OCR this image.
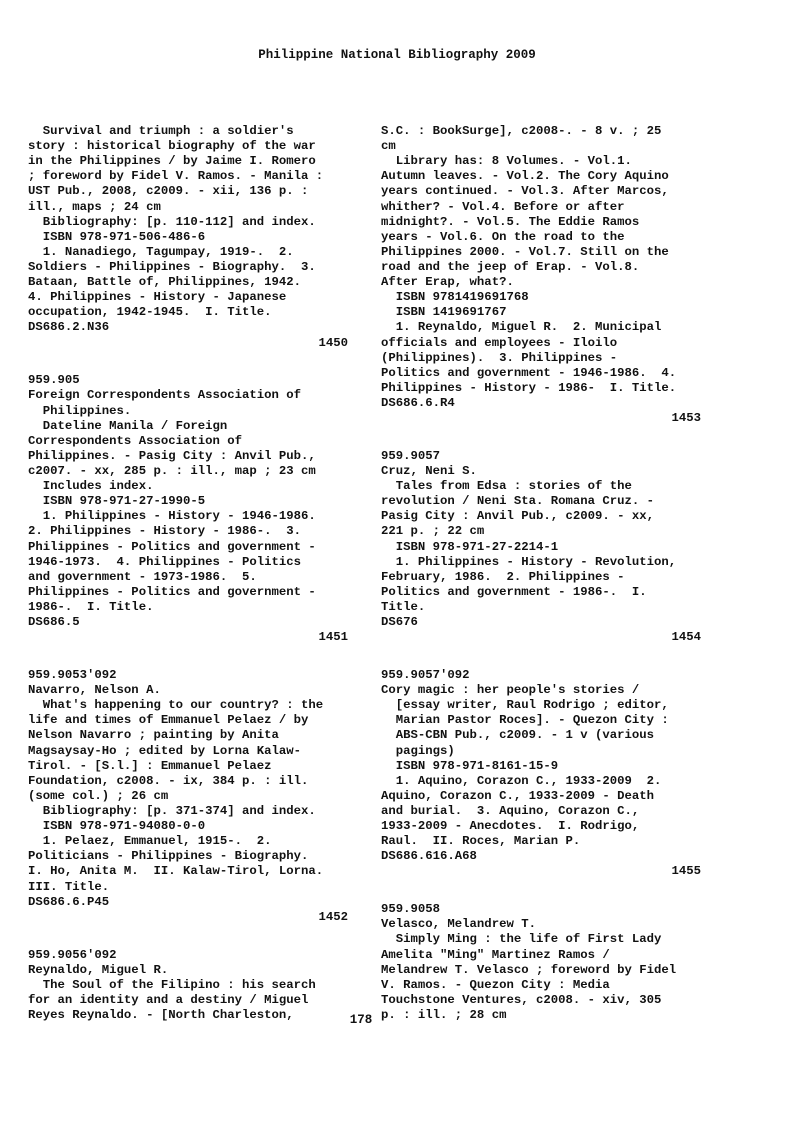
Philippine National Bibliography 2009
Survival and triumph : a soldier's
story : historical biography of the war
in the Philippines / by Jaime I. Romero
; foreword by Fidel V. Ramos. - Manila :
UST Pub., 2008, c2009. - xii, 136 p. :
ill., maps ; 24 cm
Bibliography: [p. 110-112] and index.
ISBN 978-971-506-486-6
1. Nanadiego, Tagumpay, 1919-.  2.
Soldiers - Philippines - Biography.  3.
Bataan, Battle of, Philippines, 1942.
4. Philippines - History - Japanese
occupation, 1942-1945.  I. Title.
DS686.2.N36
1450
959.905
Foreign Correspondents Association of
Philippines.
Dateline Manila / Foreign
Correspondents Association of
Philippines. - Pasig City : Anvil Pub.,
c2007. - xx, 285 p. : ill., map ; 23 cm
Includes index.
ISBN 978-971-27-1990-5
1. Philippines - History - 1946-1986.
2. Philippines - History - 1986-.  3.
Philippines - Politics and government -
1946-1973.  4. Philippines - Politics
and government - 1973-1986.  5.
Philippines - Politics and government -
1986-.  I. Title.
DS686.5
1451
959.9053'092
Navarro, Nelson A.
What's happening to our country? : the
life and times of Emmanuel Pelaez / by
Nelson Navarro ; painting by Anita
Magsaysay-Ho ; edited by Lorna Kalaw-
Tirol. - [S.l.] : Emmanuel Pelaez
Foundation, c2008. - ix, 384 p. : ill.
(some col.) ; 26 cm
Bibliography: [p. 371-374] and index.
ISBN 978-971-94080-0-0
1. Pelaez, Emmanuel, 1915-.  2.
Politicians - Philippines - Biography.
I. Ho, Anita M.  II. Kalaw-Tirol, Lorna.
III. Title.
DS686.6.P45
1452
959.9056'092
Reynaldo, Miguel R.
The Soul of the Filipino : his search
for an identity and a destiny / Miguel
Reyes Reynaldo. - [North Charleston,
S.C. : BookSurge], c2008-. - 8 v. ; 25
cm
Library has: 8 Volumes. - Vol.1.
Autumn leaves. - Vol.2. The Cory Aquino
years continued. - Vol.3. After Marcos,
whither? - Vol.4. Before or after
midnight?. - Vol.5. The Eddie Ramos
years - Vol.6. On the road to the
Philippines 2000. - Vol.7. Still on the
road and the jeep of Erap. - Vol.8.
After Erap, what?.
ISBN 9781419691768
ISBN 1419691767
1. Reynaldo, Miguel R.  2. Municipal
officials and employees - Iloilo
(Philippines).  3. Philippines -
Politics and government - 1946-1986.  4.
Philippines - History - 1986-  I. Title.
DS686.6.R4
1453
959.9057
Cruz, Neni S.
Tales from Edsa : stories of the
revolution / Neni Sta. Romana Cruz. -
Pasig City : Anvil Pub., c2009. - xx,
221 p. ; 22 cm
ISBN 978-971-27-2214-1
1. Philippines - History - Revolution,
February, 1986.  2. Philippines -
Politics and government - 1986-.  I.
Title.
DS676
1454
959.9057'092
Cory magic : her people's stories /
[essay writer, Raul Rodrigo ; editor,
Marian Pastor Roces]. - Quezon City :
ABS-CBN Pub., c2009. - 1 v (various
pagings)
ISBN 978-971-8161-15-9
1. Aquino, Corazon C., 1933-2009  2.
Aquino, Corazon C., 1933-2009 - Death
and burial.  3. Aquino, Corazon C.,
1933-2009 - Anecdotes.  I. Rodrigo,
Raul.  II. Roces, Marian P.
DS686.616.A68
1455
959.9058
Velasco, Melandrew T.
Simply Ming : the life of First Lady
Amelita "Ming" Martinez Ramos /
Melandrew T. Velasco ; foreword by Fidel
V. Ramos. - Quezon City : Media
Touchstone Ventures, c2008. - xiv, 305
p. : ill. ; 28 cm
178
